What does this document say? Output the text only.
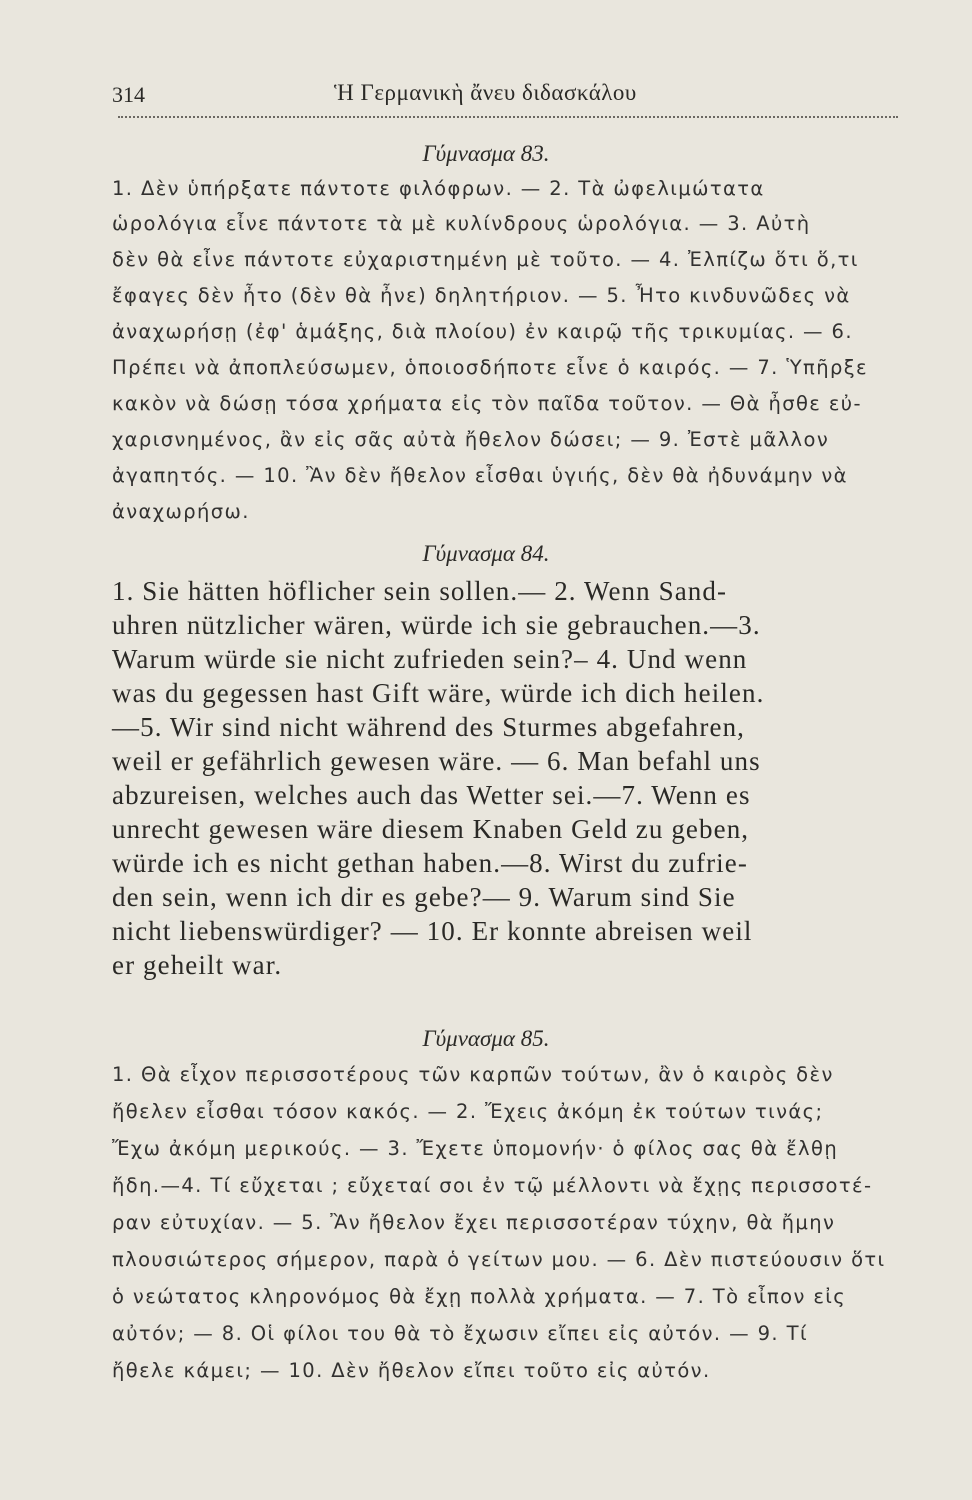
314	Ἡ Γερμανικὴ ἄνευ διδασκάλου
Γύμνασμα 83.
1. Δὲν ὑπήρξατε πάντοτε φιλόφρων. — 2. Τὰ ὠφελιμώτατα
ὡρολόγια εἶνε πάντοτε τὰ μὲ κυλίνδρους ὡρολόγια. — 3. Αὐτὴ
δὲν θὰ εἶνε πάντοτε εὐχαριστημένη μὲ τοῦτο. — 4. Ἐλπίζω ὅτι ὅ,τι
ἔφαγες δὲν ἦτο (δὲν θὰ ἦνε) δηλητήριον. — 5. Ἦτο κινδυνῶδες νὰ
ἀναχωρήσῃ (ἐφ' ἁμάξης, διὰ πλοίου) ἐν καιρῷ τῆς τρικυμίας. — 6.
Πρέπει νὰ ἀποπλεύσωμεν, ὁποιοσδήποτε εἶνε ὁ καιρός. — 7. Ὑπῆρξε
κακὸν νὰ δώσῃ τόσα χρήματα εἰς τὸν παῖδα τοῦτον. — Θὰ ἦσθε εὐ-
χαρισνημένος, ἂν εἰς σᾶς αὐτὰ ἤθελον δώσει; — 9. Ἐστὲ μᾶλλον
ἀγαπητός. — 10. Ἂν δὲν ἤθελον εἶσθαι ὑγιής, δὲν θὰ ἠδυνάμην νὰ
ἀναχωρήσω.
Γύμνασμα 84.
1. Sie hätten höflicher sein sollen.— 2. Wenn Sand-
uhren nützlicher wären, würde ich sie gebrauchen.—3.
Warum würde sie nicht zufrieden sein?– 4. Und wenn
was du gegessen hast Gift wäre, würde ich dich heilen.
—5. Wir sind nicht während des Sturmes abgefahren,
weil er gefährlich gewesen wäre. — 6. Man befahl uns
abzureisen, welches auch das Wetter sei.—7. Wenn es
unrecht gewesen wäre diesem Knaben Geld zu geben,
würde ich es nicht gethan haben.—8. Wirst du zufrie-
den sein, wenn ich dir es gebe?— 9. Warum sind Sie
nicht liebenswürdiger? — 10. Er konnte abreisen weil
er geheilt war.
Γύμνασμα 85.
1. Θὰ εἶχον περισσοτέρους τῶν καρπῶν τούτων, ἂν ὁ καιρὸς δὲν
ἤθελεν εἶσθαι τόσον κακός. — 2. Ἔχεις ἀκόμη ἐκ τούτων τινάς;
Ἔχω ἀκόμη μερικούς. — 3. Ἔχετε ὑπομονήν· ὁ φίλος σας θὰ ἔλθῃ
ἤδη.—4. Τί εὔχεται ; εὔχεταί σοι ἐν τῷ μέλλοντι νὰ ἔχῃς περισσοτέ-
ραν εὐτυχίαν. — 5. Ἂν ἤθελον ἔχει περισσοτέραν τύχην, θὰ ἤμην
πλουσιώτερος σήμερον, παρὰ ὁ γείτων μου. — 6. Δὲν πιστεύουσιν ὅτι
ὁ νεώτατος κληρονόμος θὰ ἔχῃ πολλὰ χρήματα. — 7. Τὸ εἶπον εἰς
αὐτόν; — 8. Οἱ φίλοι του θὰ τὸ ἔχωσιν εἴπει εἰς αὐτόν. — 9. Τί
ἤθελε κάμει; — 10. Δὲν ἤθελον εἴπει τοῦτο εἰς αὐτόν.
